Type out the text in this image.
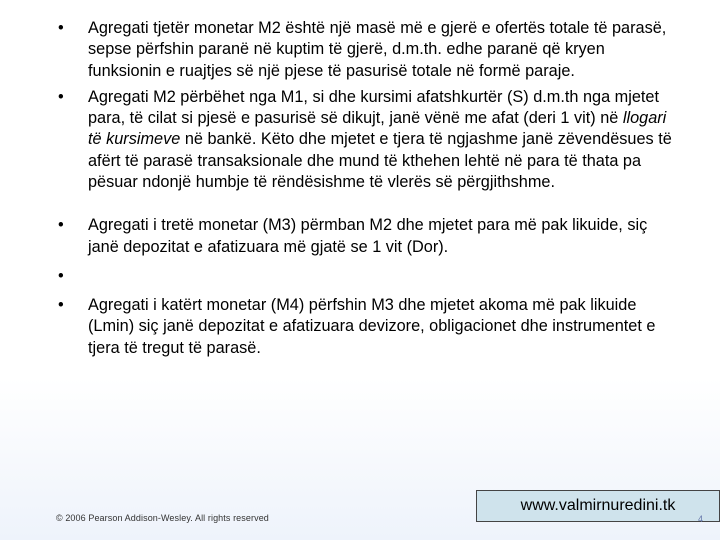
• Agregati tjetër monetar M2 është një masë më e gjerë e ofertës totale të parasë, sepse përfshin paranë në kuptim të gjerë, d.m.th. edhe paranë që kryen funksionin e ruajtjes së një pjese të pasurisë totale në formë paraje.
• Agregati M2 përbëhet nga M1, si dhe kursimi afatshkurtër (S) d.m.th nga mjetet para, të cilat si pjesë e pasurisë së dikujt, janë vënë me afat (deri 1 vit) në llogari të kursimeve në bankë. Këto dhe mjetet e tjera të ngjashme janë zëvendësues të afërt të parasë transaksionale dhe mund të kthehen lehtë në para të thata pa pësuar ndonjë humbje të rëndësishme të vlerës së përgjithshme.
• Agregati i tretë monetar (M3) përmban M2 dhe mjetet para më pak likuide, siç janë depozitat e afatizuara më gjatë se 1 vit (Dor).
•
• Agregati i katërt monetar (M4) përfshin M3 dhe mjetet akoma më pak likuide (Lmin) siç janë depozitat e afatizuara devizore, obligacionet dhe instrumentet e tjera të tregut të parasë.
© 2006 Pearson Addison-Wesley. All rights reserved
www.valmirnuredini.tk
4
